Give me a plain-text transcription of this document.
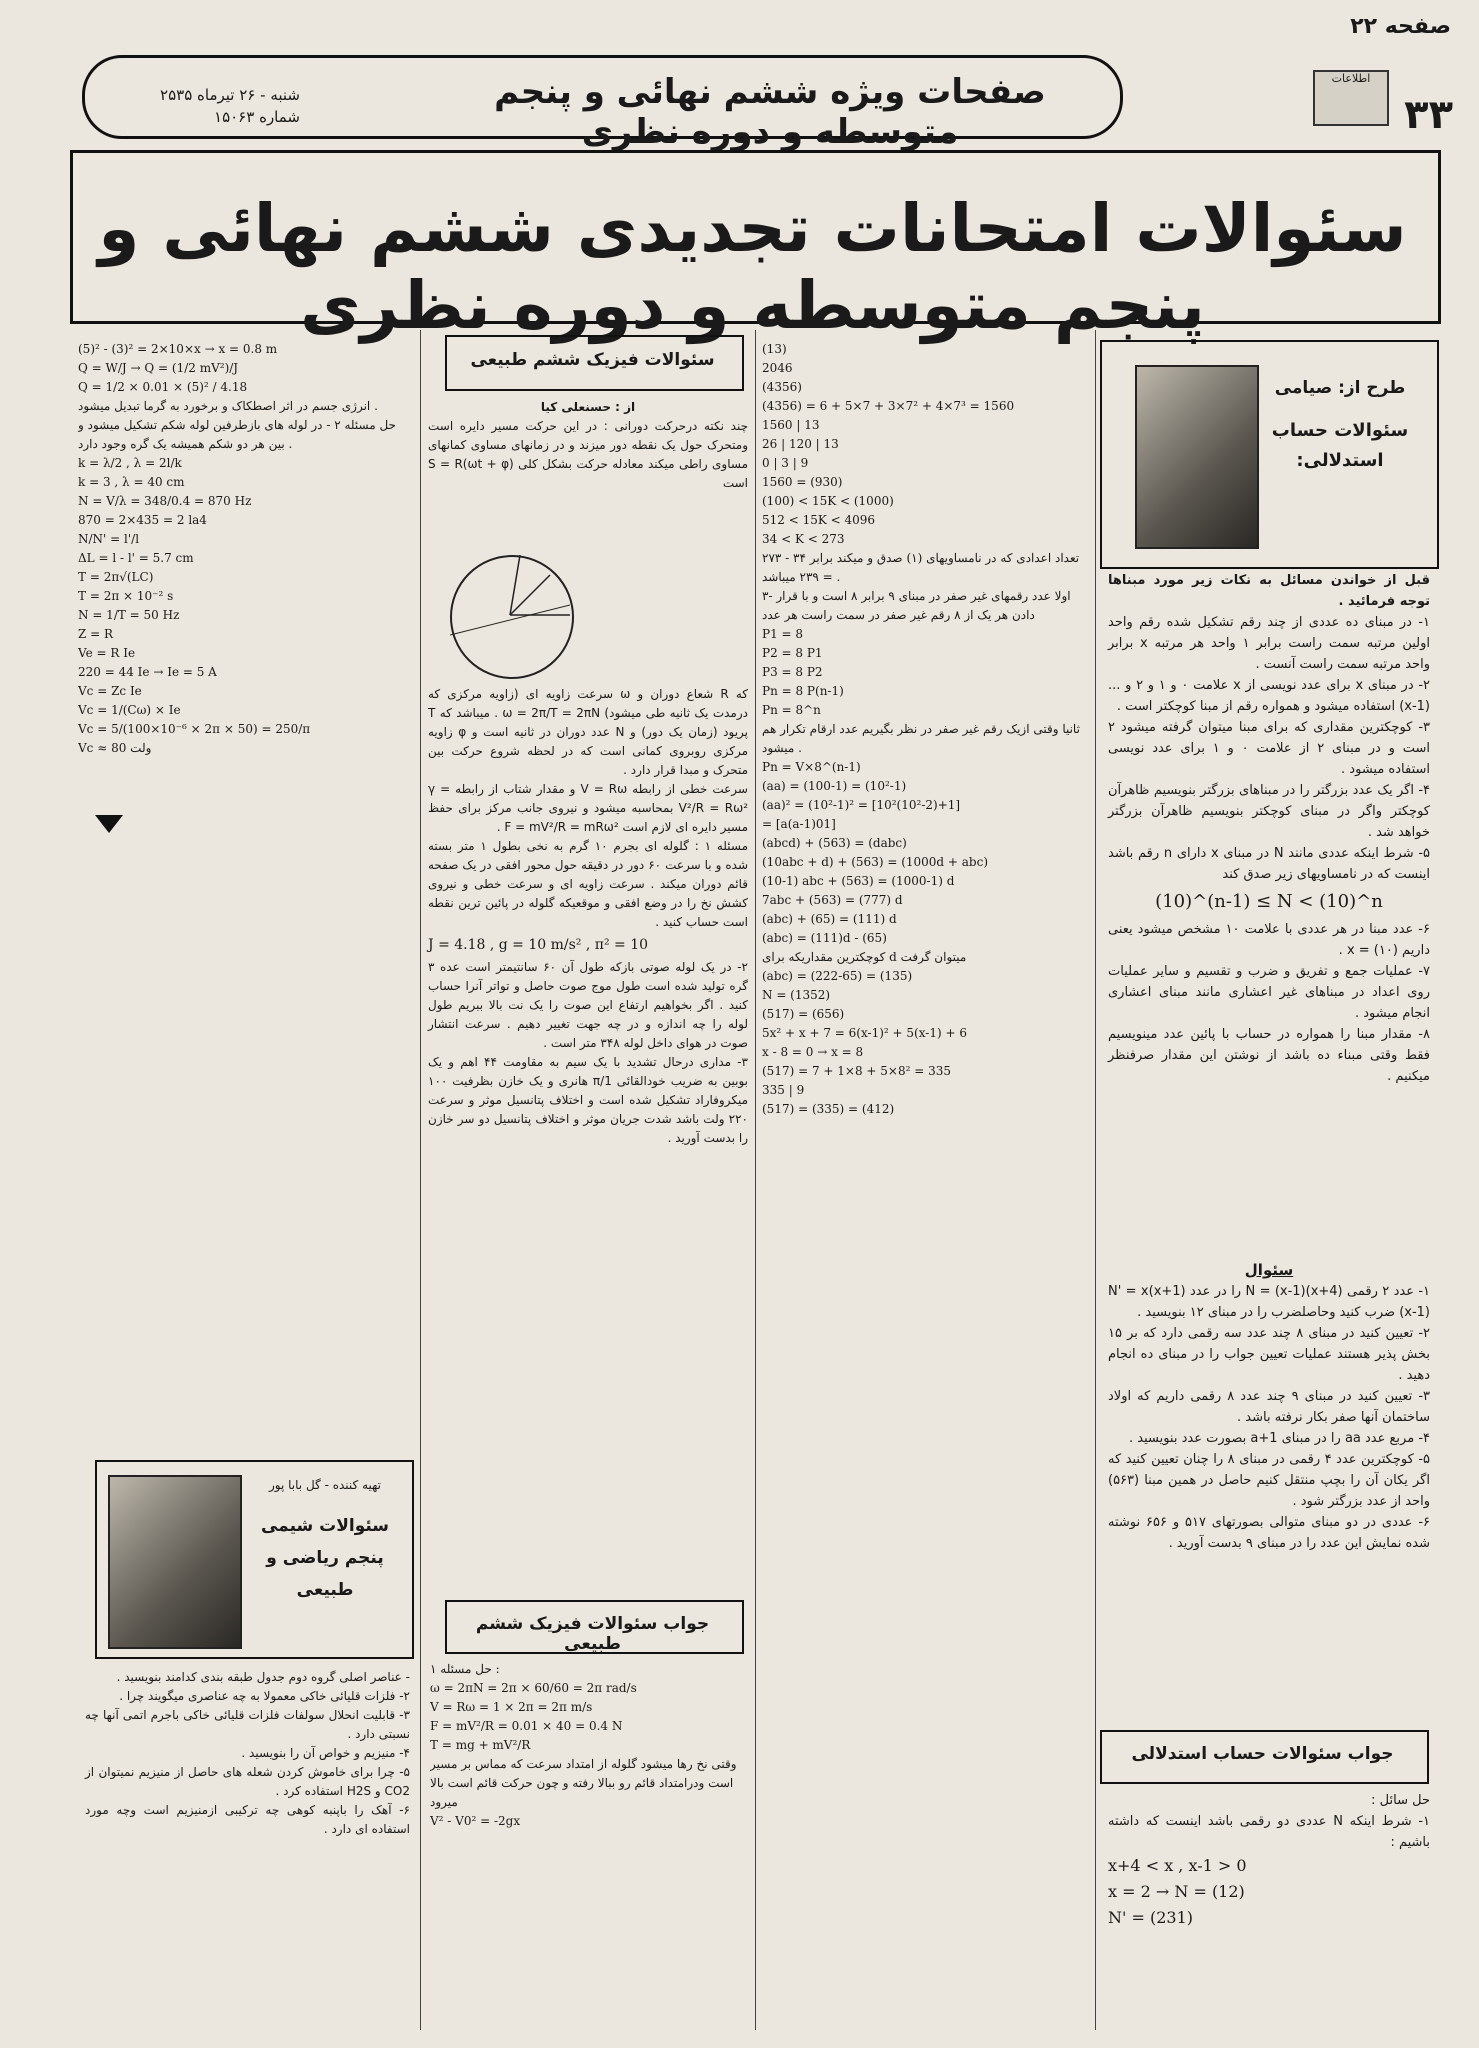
صفحه ۲۲
صفحات ویژه ششم نهائی و پنجم متوسطه و دوره نظری
شنبه - ۲۶ تیرماه ۲۵۳۵
شماره ۱۵۰۶۳	۳۳
اطلاعات
سئوالات امتحانات تجدیدی ششم نهائی و پنجم متوسطه و دوره نظری
طرح از: صیامی
سئوالات حساب استدلالی:
قبل از خواندن مسائل به نکات زیر مورد مبناها توجه فرمائید .
۱- در مبنای ده عددی از چند رقم تشکیل شده رقم واحد اولین مرتبه سمت راست برابر ۱ واحد هر مرتبه x برابر واحد مرتبه سمت راست آنست .
۲- در مبنای x برای عدد نویسی از x علامت ۰ و ۱ و ۲ و ... (x-1) استفاده میشود و همواره رقم از مبنا کوچکتر است .
۳- کوچکترین مقداری که برای مبنا میتوان گرفته میشود ۲ است و در مبنای ۲ از علامت ۰ و ۱ برای عدد نویسی استفاده میشود .
۴- اگر یک عدد بزرگتر را در مبناهای بزرگتر بنویسیم ظاهرآن کوچکتر واگر در مبنای کوچکتر بنویسیم ظاهرآن بزرگتر خواهد شد .
۵- شرط اینکه عددی مانند N در مبنای x دارای n رقم باشد اینست که در نامساویهای زیر صدق کند
(10)^(n-1) ≤ N < (10)^n
۶- عدد مبنا در هر عددی با علامت ۱۰ مشخص میشود یعنی داریم x = (۱۰) .
۷- عملیات جمع و تفریق و ضرب و تقسیم و سایر عملیات روی اعداد در مبناهای غیر اعشاری مانند مبنای اعشاری انجام میشود .
۸- مقدار مبنا را همواره در حساب با پائین عدد مینویسیم فقط وقتی مبناء ده باشد از نوشتن این مقدار صرفنظر میکنیم .
سئوال
۱- عدد ۲ رقمی N = (x-1)(x+4) را در عدد N' = x(x+1)(x-1) ضرب کنید وحاصلضرب را در مبنای ۱۲ بنویسید .
۲- تعیین کنید در مبنای ۸ چند عدد سه رقمی دارد که بر ۱۵ بخش پذیر هستند عملیات تعیین جواب را در مبنای ده انجام دهید .
۳- تعیین کنید در مبنای ۹ چند عدد ۸ رقمی داریم که اولاد ساختمان آنها صفر بکار نرفته باشد .
۴- مربع عدد aa را در مبنای a+1 بصورت عدد بنویسید .
۵- کوچکترین عدد ۴ رقمی در مبنای ۸ را چنان تعیین کنید که اگر یکان آن را بچپ منتقل کنیم حاصل در همین مبنا (۵۶۳) واحد از عدد بزرگتر شود .
۶- عددی در دو مبنای متوالی بصورتهای ۵۱۷ و ۶۵۶ نوشته شده نمایش این عدد را در مبنای ۹ بدست آورید .
جواب سئوالات حساب استدلالی
حل سائل :
۱- شرط اینکه N عددی دو رقمی باشد اینست که داشته باشیم :
x+4 < x , x-1 > 0
x = 2 → N = (12)
N' = (231)
(13)
2046
(4356)
(4356) = 6 + 5×7 + 3×7² + 4×7³ = 1560
1560 | 13
26 | 120 | 13
0 | 3 | 9
1560 = (930)
(100) < 15K < (1000)
512 < 15K < 4096
34 < K < 273
تعداد اعدادی که در نامساویهای (۱) صدق و میکند برابر ۳۴ - ۲۷۳ = ۲۳۹ میباشد .
۳- اولا عدد رقمهای غیر صفر در مبنای ۹ برابر ۸ است و با قرار دادن هر یک از ۸ رقم غیر صفر در سمت راست هر عدد
P1 = 8
P2 = 8 P1
P3 = 8 P2
Pn = 8 P(n-1)
Pn = 8^n
ثانیا وقتی ازیک رقم غیر صفر در نظر بگیریم عدد ارقام تکرار هم میشود .
Pn = V×8^(n-1)
(aa) = (100-1) = (10²-1)
(aa)² = (10²-1)² = [10²(10²-2)+1]
= [a(a-1)01]
(abcd) + (563) = (dabc)
(10abc + d) + (563) = (1000d + abc)
(10-1) abc + (563) = (1000-1) d
7abc + (563) = (777) d
(abc) + (65) = (111) d
(abc) = (111)d - (65)
کوچکترین مقداریکه برای d میتوان گرفت
(abc) = (222-65) = (135)
N = (1352)
(517) = (656)
5x² + x + 7 = 6(x-1)² + 5(x-1) + 6
x - 8 = 0 → x = 8
(517) = 7 + 1×8 + 5×8² = 335
335 | 9
(517) = (335) = (412)
سئوالات فیزیک ششم طبیعی
از : حسنعلی کیا
چند نکته درحرکت دورانی : در این حرکت مسیر دایره است ومتحرک حول یک نقطه دور میزند و در زمانهای مساوی کمانهای مساوی راطی میکند معادله حرکت بشکل کلی S = R(ωt + φ) است
که R شعاع دوران و ω سرعت زاویه ای (زاویه مرکزی که درمدت یک ثانیه طی میشود) ω = 2π/T = 2πN . میباشد که T پریود (زمان یک دور) و N عدد دوران در ثانیه است و φ زاویه مرکزی روبروی کمانی است که در لحظه شروع حرکت بین متحرک و مبدا قرار دارد .
سرعت خطی از رابطه V = Rω و مقدار شتاب از رابطه γ = V²/R = Rω² بمحاسبه میشود و نیروی جانب مرکز برای حفظ مسیر دایره ای لازم است F = mV²/R = mRω² .
مسئله ۱ : گلوله ای بجرم ۱۰ گرم به نخی بطول ۱ متر بسته شده و با سرعت ۶۰ دور در دقیقه حول محور افقی در یک صفحه قائم دوران میکند . سرعت زاویه ای و سرعت خطی و نیروی کشش نخ را در وضع افقی و موقعیکه گلوله در پائین ترین نقطه است حساب کنید .
J = 4.18 , g = 10 m/s² , π² = 10
۲- در یک لوله صوتی بازکه طول آن ۶۰ سانتیمتر است عده ۳ گره تولید شده است طول موج صوت حاصل و تواتر آنرا حساب کنید . اگر بخواهیم ارتفاع این صوت را یک نت بالا ببریم طول لوله را چه اندازه و در چه جهت تغییر دهیم . سرعت انتشار صوت در هوای داخل لوله ۳۴۸ متر است .
۳- مداری درحال تشدید با یک سیم به مقاومت ۴۴ اهم و یک بوبین به ضریب خودالقائی 1/π هانری و یک خازن بظرفیت ۱۰۰ میکروفاراد تشکیل شده است و اختلاف پتانسیل موثر و سرعت ۲۲۰ ولت باشد شدت جریان موثر و اختلاف پتانسیل دو سر خازن را بدست آورید .
جواب سئوالات فیزیک ششم طبیعی
حل مسئله ۱ :
ω = 2πN = 2π × 60/60 = 2π rad/s
V = Rω = 1 × 2π = 2π m/s
F = mV²/R = 0.01 × 40 = 0.4 N
T = mg + mV²/R
وقتی نخ رها میشود گلوله از امتداد سرعت که مماس بر مسیر است ودرامتداد قائم رو ببالا رفته و چون حرکت قائم است بالا میرود
V² - V0² = -2gx
(5)² - (3)² = 2×10×x → x = 0.8 m
Q = W/J → Q = (1/2 mV²)/J
Q = 1/2 × 0.01 × (5)² / 4.18
انرژی جسم در اثر اصطکاک و برخورد به گرما تبدیل میشود .
حل مسئله ۲ - در لوله های بازطرفین لوله شکم تشکیل میشود و بین هر دو شکم همیشه یک گره وجود دارد .
k = λ/2 , λ = 2l/k
k = 3 , λ = 40 cm
N = V/λ = 348/0.4 = 870 Hz
870 = 2×435 = 2 la4
N/N' = l'/l
ΔL = l - l' = 5.7 cm
T = 2π√(LC)
T = 2π × 10⁻² s
N = 1/T = 50 Hz
Z = R
Ve = R Ie
220 = 44 Ie → Ie = 5 A
Vc = Zc Ie
Vc = 1/(Cω) × Ie
Vc = 5/(100×10⁻⁶ × 2π × 50) = 250/π
Vc ≈ 80 ولت
تهیه کننده - گل بابا پور
سئوالات شیمی پنجم ریاضی و طبیعی
- عناصر اصلی گروه دوم جدول طبقه بندی کدامند بنویسید .
۲- فلزات قلیائی خاکی معمولا به چه عناصری میگویند چرا .
۳- قابلیت انحلال سولفات فلزات قلیائی خاکی باجرم اتمی آنها چه نسبتی دارد .
۴- منیزیم و خواص آن را بنویسید .
۵- چرا برای خاموش کردن شعله های حاصل از منیزیم نمیتوان از CO2 و H2S استفاده کرد .
۶- آهک را باپنبه کوهی چه ترکیبی ازمنیزیم است وچه مورد استفاده ای دارد .
